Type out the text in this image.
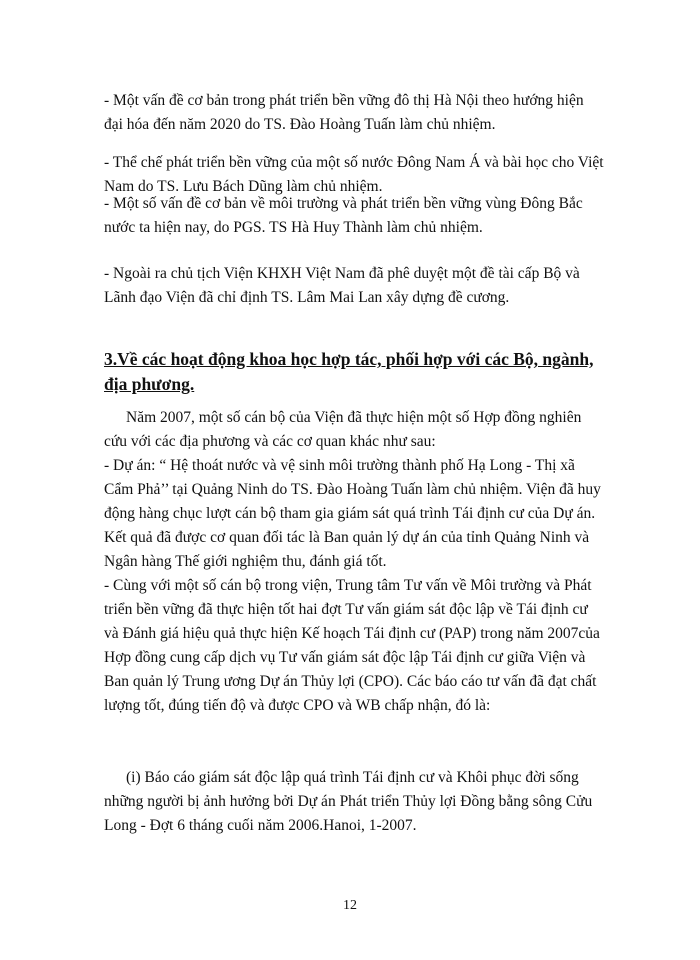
- Một vấn đề cơ bản trong phát triển bền vững đô thị Hà Nội theo hướng hiện đại hóa đến năm 2020 do TS. Đào Hoàng Tuấn làm chủ nhiệm.

- Thể chế phát triển bền vững của một số nước Đông Nam Á và bài học cho Việt Nam do TS. Lưu Bách Dũng làm chủ nhiệm.

- Một số vấn đề cơ bản về môi trường và phát triển bền vững vùng Đông Bắc nước ta hiện nay, do PGS. TS Hà Huy Thành làm chủ nhiệm.

- Ngoài ra chủ tịch Viện KHXH Việt Nam đã phê duyệt một đề tài cấp Bộ và Lãnh đạo Viện đã chỉ định TS. Lâm Mai Lan xây dựng đề cương.

3.Về các hoạt động khoa học hợp tác, phối hợp với các Bộ, ngành, địa phương.

Năm 2007, một số cán bộ của Viện đã thực hiện một số Hợp đồng nghiên cứu với các địa phương và các cơ quan khác như sau:

- Dự án: “ Hệ thoát nước và vệ sinh môi trường thành phố Hạ Long - Thị xã Cẩm Phả’’ tại Quảng Ninh do TS. Đào Hoàng Tuấn làm chủ nhiệm. Viện đã huy động hàng chục lượt cán bộ tham gia giám sát quá trình Tái định cư của Dự án. Kết quả đã được cơ quan đối tác là Ban quản lý dự án của tỉnh Quảng Ninh và Ngân hàng Thế giới nghiệm thu, đánh giá tốt.

- Cùng với một số cán bộ trong viện, Trung tâm Tư vấn về Môi trường và Phát triển bền vững đã thực hiện tốt hai đợt Tư vấn giám sát độc lập về Tái định cư và Đánh giá hiệu quả thực hiện Kế hoạch Tái định cư (PAP) trong năm 2007của Hợp đồng cung cấp dịch vụ Tư vấn giám sát độc lập Tái định cư giữa Viện và Ban quản lý Trung ương Dự án Thủy lợi (CPO). Các báo cáo tư vấn đã đạt chất lượng tốt, đúng tiến độ và được CPO và WB chấp nhận, đó là:

(i) Báo cáo giám sát độc lập quá trình Tái định cư và Khôi phục đời sống những người bị ảnh hưởng bởi Dự án Phát triển Thủy lợi Đồng bằng sông Cửu Long - Đợt 6 tháng cuối năm 2006.Hanoi, 1-2007.

12
